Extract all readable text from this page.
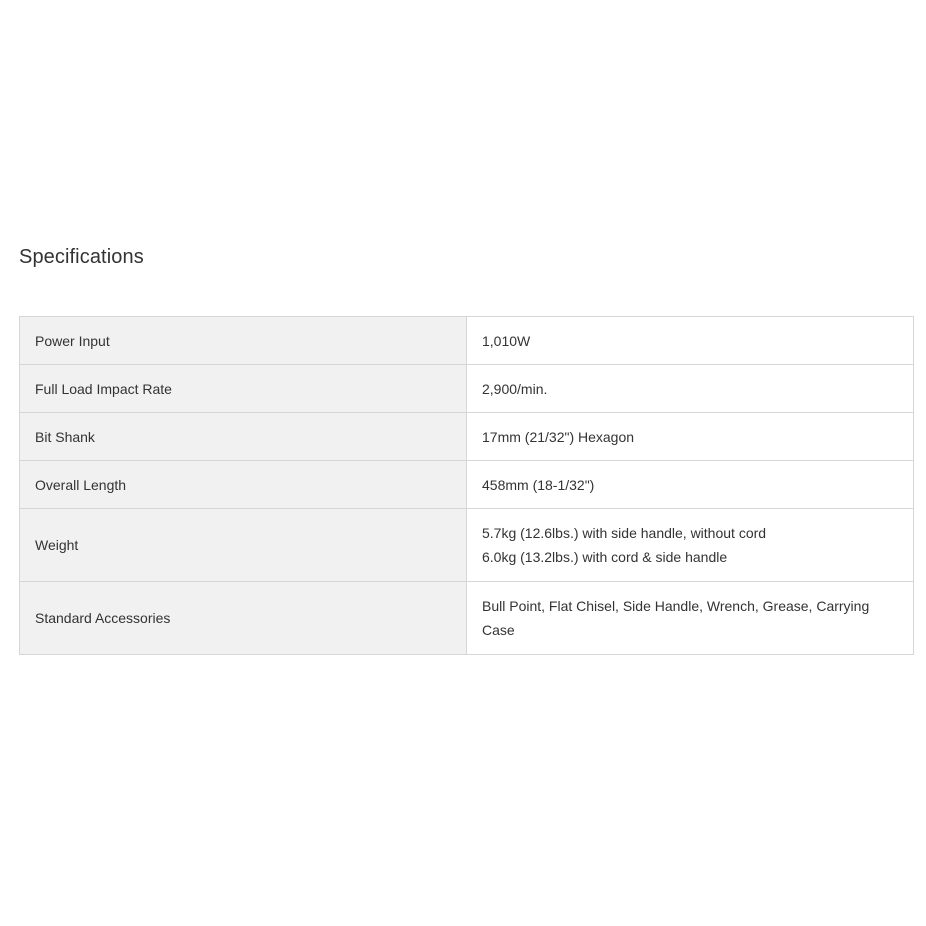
Specifications
Power Input	1,010W
Full Load Impact Rate	2,900/min.
Bit Shank	17mm (21/32") Hexagon
Overall Length	458mm (18-1/32")
Weight	5.7kg (12.6lbs.) with side handle, without cord
6.0kg (13.2lbs.) with cord & side handle

Standard Accessories	Bull Point, Flat Chisel, Side Handle, Wrench, Grease, Carrying Case
